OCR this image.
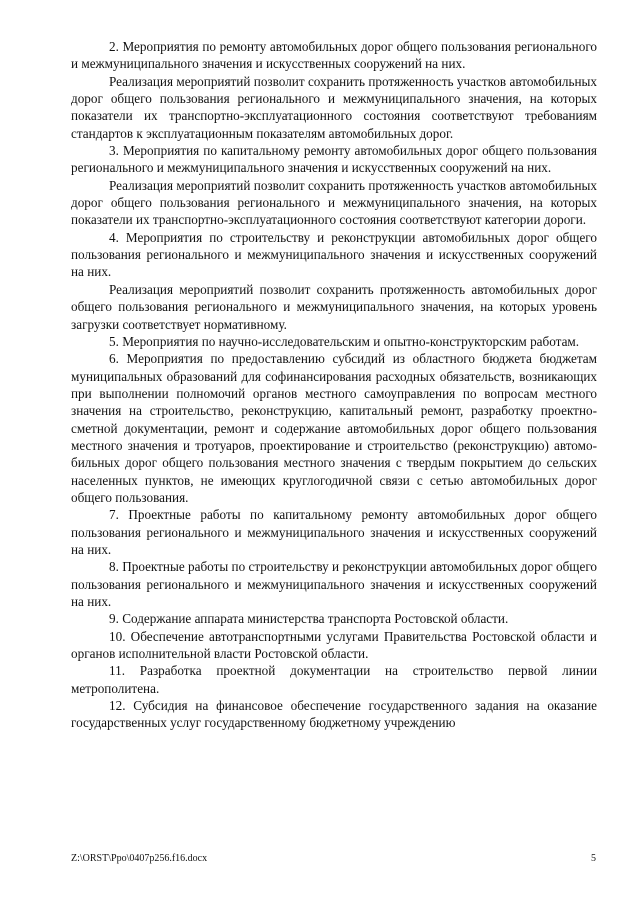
2. Мероприятия по ремонту автомобильных дорог общего пользования регионального и межмуниципального значения и искусственных сооружений на них.

Реализация мероприятий позволит сохранить протяженность участков автомобильных дорог общего пользования регионального и межмуниципального значения, на которых показатели их транспортно-эксплуатационного состояния соответствуют требованиям стандартов к эксплуатационным показателям автомобильных дорог.

3. Мероприятия по капитальному ремонту автомобильных дорог общего пользования регионального и межмуниципального значения и искусственных сооружений на них.

Реализация мероприятий позволит сохранить протяженность участков автомобильных дорог общего пользования регионального и межмуниципального значения, на которых показатели их транспортно-эксплуатационного состояния соответствуют категории дороги.

4. Мероприятия по строительству и реконструкции автомобильных дорог общего пользования регионального и межмуниципального значения и искусственных сооружений на них.

Реализация мероприятий позволит сохранить протяженность автомобильных дорог общего пользования регионального и межмуниципального значения, на которых уровень загрузки соответствует нормативному.

5. Мероприятия по научно-исследовательским и опытно-конструкторским работам.

6. Мероприятия по предоставлению субсидий из областного бюджета бюджетам муниципальных образований для софинансирования расходных обязательств, возникающих при выполнении полномочий органов местного самоуправления по вопросам местного значения на строительство, реконструкцию, капитальный ремонт, разработку проектно-сметной документации, ремонт и содержание автомобильных дорог общего пользования местного значения и тротуаров, проектирование и строительство (реконструкцию) автомобильных дорог общего пользования местного значения с твердым покрытием до сельских населенных пунктов, не имеющих круглогодичной связи с сетью автомобильных дорог общего пользования.

7. Проектные работы по капитальному ремонту автомобильных дорог общего пользования регионального и межмуниципального значения и искусственных сооружений на них.

8. Проектные работы по строительству и реконструкции автомобильных дорог общего пользования регионального и межмуниципального значения и искусственных сооружений на них.

9. Содержание аппарата министерства транспорта Ростовской области.

10. Обеспечение автотранспортными услугами Правительства Ростовской области и органов исполнительной власти Ростовской области.

11. Разработка проектной документации на строительство первой линии метрополитена.

12. Субсидия на финансовое обеспечение государственного задания на оказание государственных услуг государственному бюджетному учреждению

Z:\ORST\Ppo\0407p256.f16.docx	5
